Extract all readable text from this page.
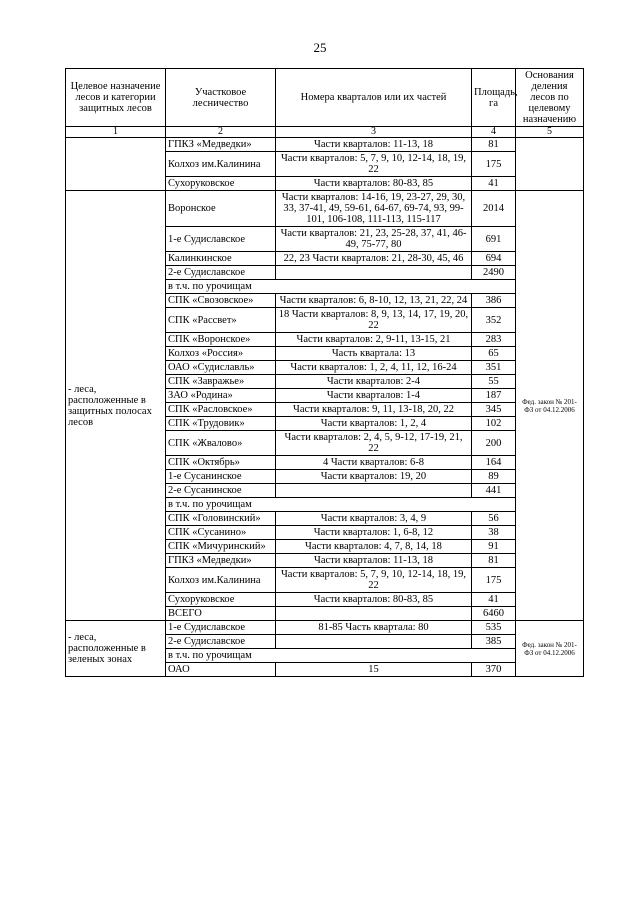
25
Целевое назначение лесов и категории защитных лесов	Участковое лесничество	Номера кварталов или их частей	Площадь, га	Основания деления лесов по целевому назначению
1	2	3	4	5
	ГПКЗ «Медведки»	Части кварталов: 11-13, 18	81	
	Колхоз им.Калинина	Части кварталов: 5, 7, 9, 10, 12-14, 18, 19, 22	175	
	Сухоруковское	Части кварталов: 80-83, 85	41	
- леса, расположенные в защитных полосах лесов	Воронское	Части кварталов: 14-16, 19, 23-27, 29, 30, 33, 37-41, 49, 59-61, 64-67, 69-74, 93, 99-101, 106-108, 111-113, 115-117	2014	Фед. закон № 201-ФЗ от 04.12.2006
	1-е Судиславское	Части кварталов: 21, 23, 25-28, 37, 41, 46-49, 75-77, 80	691	
	Калинкинское	22, 23 Части кварталов: 21, 28-30, 45, 46	694	
	2-е Судиславское		2490	
	в т.ч. по урочищам			
	СПК «Свозовское»	Части кварталов: 6, 8-10, 12, 13, 21, 22, 24	386	
	СПК «Рассвет»	18 Части кварталов: 8, 9, 13, 14, 17, 19, 20, 22	352	
	СПК «Воронское»	Части кварталов: 2, 9-11, 13-15, 21	283	
	Колхоз «Россия»	Часть квартала: 13	65	
	ОАО «Судиславль»	Части кварталов: 1, 2, 4, 11, 12, 16-24	351	
	СПК «Завражье»	Части кварталов: 2-4	55	
	ЗАО «Родина»	Части кварталов: 1-4	187	
	СПК «Расловское»	Части кварталов: 9, 11, 13-18, 20, 22	345	
	СПК «Трудовик»	Части кварталов: 1, 2, 4	102	
	СПК «Жвалово»	Части кварталов: 2, 4, 5, 9-12, 17-19, 21, 22	200	
	СПК «Октябрь»	4 Части кварталов: 6-8	164	
	1-е Сусанинское	Части кварталов: 19, 20	89	
	2-е Сусанинское		441	
	в т.ч. по урочищам			
	СПК «Головинский»	Части кварталов: 3, 4, 9	56	
	СПК «Сусанино»	Части кварталов: 1, 6-8, 12	38	
	СПК «Мичуринский»	Части кварталов: 4, 7, 8, 14, 18	91	
	ГПКЗ «Медведки»	Части кварталов: 11-13, 18	81	
	Колхоз им.Калинина	Части кварталов: 5, 7, 9, 10, 12-14, 18, 19, 22	175	
	Сухоруковское	Части кварталов: 80-83, 85	41	
	ВСЕГО		6460	
- леса, расположенные в зеленых зонах	1-е Судиславское	81-85 Часть квартала: 80	535	Фед. закон № 201-ФЗ от 04.12.2006
	2-е Судиславское		385	
	в т.ч. по урочищам			
	ОАО	15	370	
